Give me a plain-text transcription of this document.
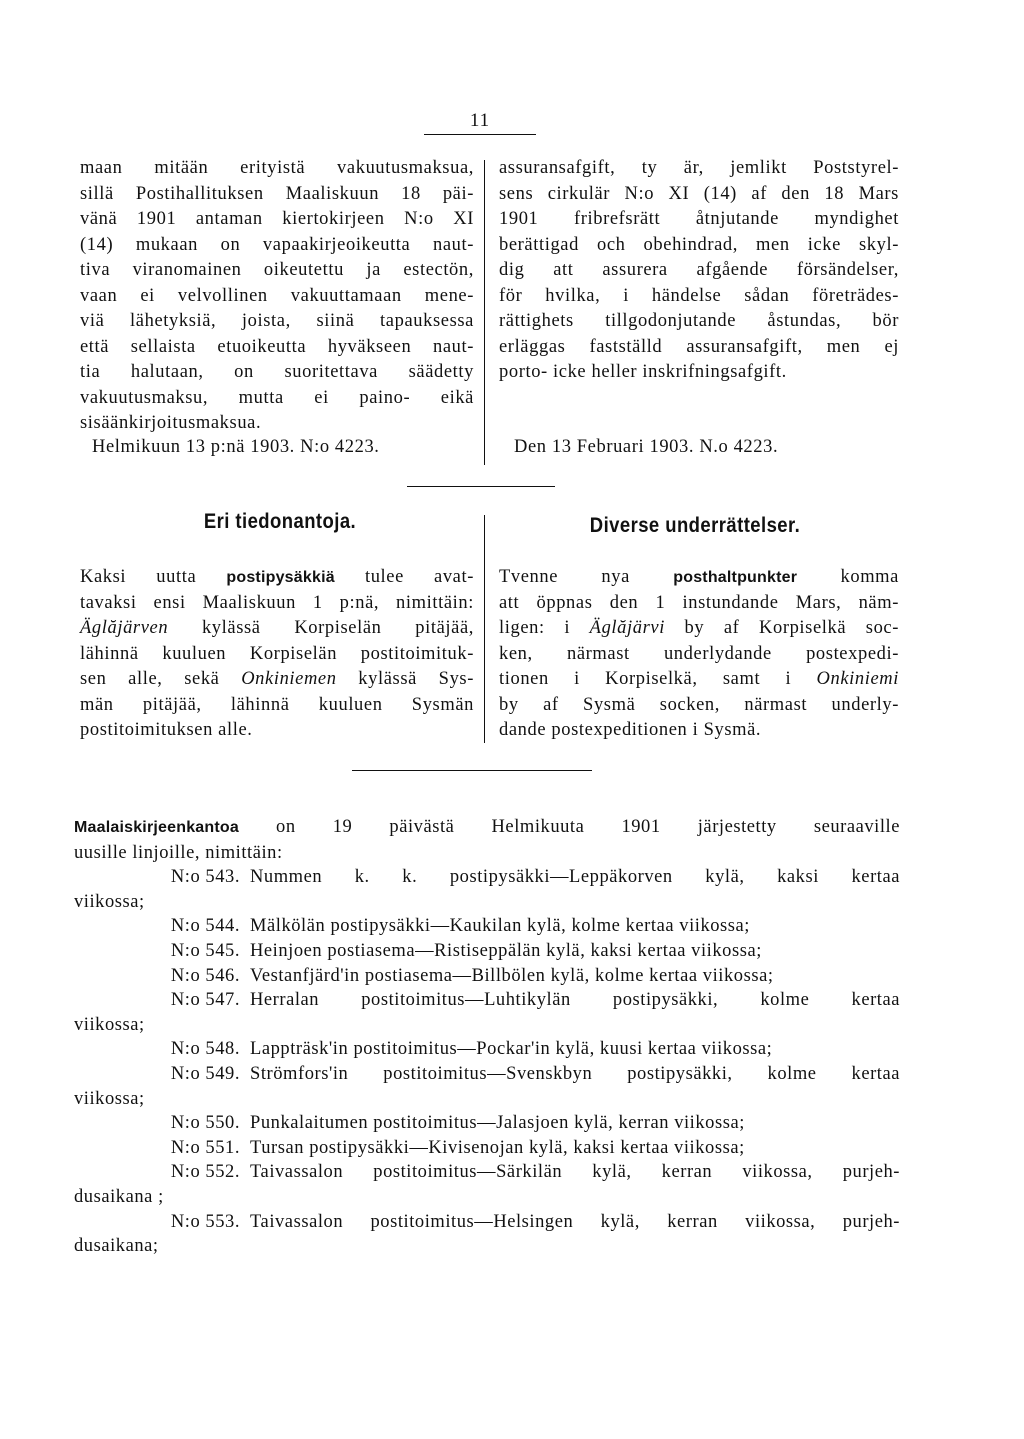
11
maan mitään erityistä vakuutusmaksua,
sillä Postihallituksen Maaliskuun 18 päi-
vänä 1901 antaman kiertokirjeen N:o XI
(14) mukaan on vapaakirjeoikeutta naut-
tiva viranomainen oikeutettu ja estectön,
vaan ei velvollinen vakuuttamaan mene-
viä lähetyksiä, joista, siinä tapauksessa
että sellaista etuoikeutta hyväkseen naut-
tia halutaan, on suoritettava säädetty
vakuutusmaksu, mutta ei paino- eikä
sisäänkirjoitusmaksua.
Helmikuun 13 p:nä 1903. N:o 4223.
assuransafgift, ty är, jemlikt Poststyrel-
sens cirkulär N:o XI (14) af den 18 Mars
1901 fribrefsrätt åtnjutande myndighet
berättigad och obehindrad, men icke skyl-
dig att assurera afgående försändelser,
för hvilka, i händelse sådan företrädes-
rättighets tillgodonjutande åstundas, bör
erläggas fastställd assuransafgift, men ej
porto- icke heller inskrifningsafgift.
Den 13 Februari 1903. N.o 4223.
Eri tiedonantoja.
Kaksi uutta postipysäkkiä tulee avat-
tavaksi ensi Maaliskuun 1 p:nä, nimittäin:
Äglăjärven kylässä Korpiselän pitäjää,
lähinnä kuuluen Korpiselän postitoimituk-
sen alle, sekä Onkiniemen kylässä Sys-
män pitäjää, lähinnä kuuluen Sysmän
postitoimituksen alle.
Diverse underrättelser.
Tvenne nya posthaltpunkter komma
att öppnas den 1 instundande Mars, näm-
ligen: i Äglăjärvi by af Korpiselkä soc-
ken, närmast underlydande postexpedi-
tionen i Korpiselkä, samt i Onkiniemi
by af Sysmä socken, närmast underly-
dande postexpeditionen i Sysmä.
Maalaiskirjeenkantoa on 19 päivästä Helmikuuta 1901 järjestetty seuraaville
uusille linjoille, nimittäin:
N:o 543. Nummen k. k. postipysäkki—Leppäkorven kylä, kaksi kertaa
viikossa;
N:o 544. Mälkölän postipysäkki—Kaukilan kylä, kolme kertaa viikossa;
N:o 545. Heinjoen postiasema—Ristiseppälän kylä, kaksi kertaa viikossa;
N:o 546. Vestanfjärd'in postiasema—Billbölen kylä, kolme kertaa viikossa;
N:o 547. Herralan postitoimitus—Luhtikylän postipysäkki, kolme kertaa
viikossa;
N:o 548. Lappträsk'in postitoimitus—Pockar'in kylä, kuusi kertaa viikossa;
N:o 549. Strömfors'in postitoimitus—Svenskbyn postipysäkki, kolme kertaa
viikossa;
N:o 550. Punkalaitumen postitoimitus—Jalasjoen kylä, kerran viikossa;
N:o 551. Tursan postipysäkki—Kivisenojan kylä, kaksi kertaa viikossa;
N:o 552. Taivassalon postitoimitus—Särkilän kylä, kerran viikossa, purjeh-
dusaikana ;
N:o 553. Taivassalon postitoimitus—Helsingen kylä, kerran viikossa, purjeh-
dusaikana;
